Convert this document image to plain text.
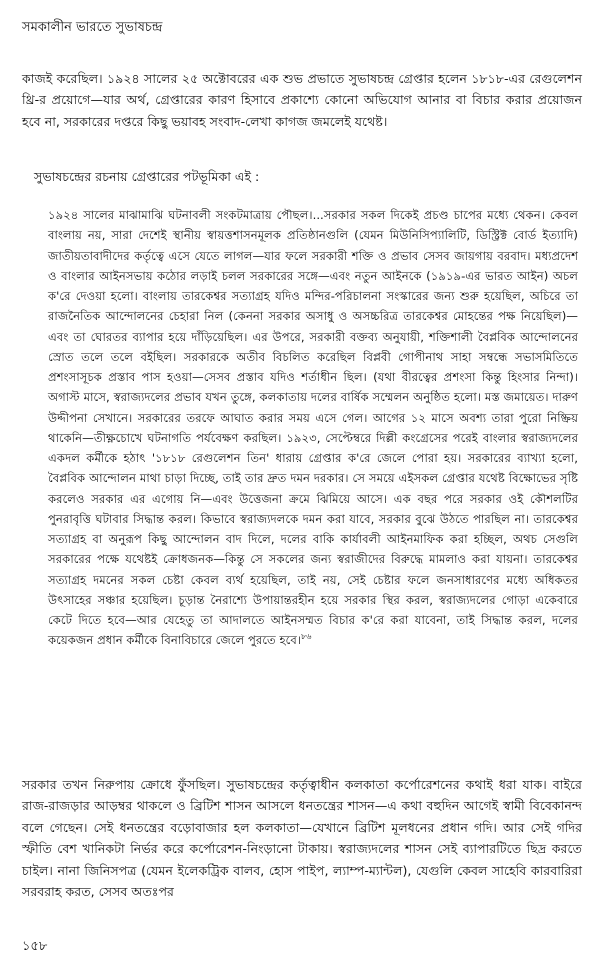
সমকালীন ভারতে সুভাষচন্দ্র

কাজই করেছিল। ১৯২৪ সালের ২৫ অক্টোবরের এক শুভ প্রভাতে সুভাষচন্দ্র গ্রেপ্তার হলেন ১৮১৮-এর রেগুলেশন থ্রি-র প্রয়োগে—যার অর্থ, গ্রেপ্তারের কারণ হিসাবে প্রকাশ্যে কোনো অভিযোগ আনার বা বিচার করার প্রয়োজন হবে না, সরকারের দপ্তরে কিছু ভয়াবহ সংবাদ-লেখা কাগজ জমলেই যথেষ্ট।

সুভাষচন্দ্রের রচনায় গ্রেপ্তারের পটভূমিকা এই :

১৯২৪ সালের মাঝামাঝি ঘটনাবলী সংকটমাত্রায় পৌছল।...সরকার সকল দিকেই প্রচণ্ড চাপের মধ্যে থেকন। কেবল বাংলায় নয়, সারা দেশেই স্থানীয় স্বায়ত্তশাসনমূলক প্রতিষ্ঠানগুলি (যেমন মিউনিসিপ্যালিটি, ডিস্ট্রিক্ট বোর্ড ইত্যাদি) জাতীয়তাবাদীদের কর্তৃত্বে এসে যেতে লাগল—যার ফলে সরকারী শক্তি ও প্রভাব সেসব জায়গায় বরবাদ। মধ্যপ্রদেশ ও বাংলার আইনসভায় কঠোর লড়াই চলল সরকারের সঙ্গে—এবং নতুন আইনকে (১৯১৯-এর ভারত আইন) অচল ক'রে দেওয়া হলো। বাংলায় তারকেশ্বর সত্যাগ্রহ যদিও মন্দির-পরিচালনা সংস্কারের জন্য শুরু হয়েছিল, অচিরে তা রাজনৈতিক আন্দোলনের চেহারা নিল (কেননা সরকার অসাধু ও অসচ্চরিত্র তারকেশ্বর মোহন্তের পক্ষ নিয়েছিল)—এবং তা ঘোরতর ব্যাপার হয়ে দাঁড়িয়েছিল। এর উপরে, সরকারী বক্তব্য অনুযায়ী, শক্তিশালী বৈপ্লবিক আন্দোলনের স্রোত তলে তলে বইছিল। সরকারকে অতীব বিচলিত করেছিল বিপ্লবী গোপীনাথ সাহা সম্বন্ধে সভাসমিতিতে প্রশংসাসূচক প্রস্তাব পাস হওয়া—সেসব প্রস্তাব যদিও শর্তাধীন ছিল। (যথা বীরত্বের প্রশংসা কিন্তু হিংসার নিন্দা)। অগাস্ট মাসে, স্বরাজ্যদলের প্রভাব যখন তুঙ্গে, কলকাতায় দলের বার্ষিক সম্মেলন অনুষ্ঠিত হলো। মস্ত জমায়েত। দারুণ উদ্দীপনা সেখানে। সরকারের তরফে আঘাত করার সময় এসে গেল। আগের ১২ মাসে অবশ্য তারা পুরো নিষ্ক্রিয় থাকেনি—তীক্ষ্ণচোখে ঘটনাগতি পর্যবেক্ষণ করছিল। ১৯২৩, সেপ্টেম্বরে দিল্লী কংগ্রেসের পরেই বাংলার স্বরাজ্যদলের একদল কর্মীকে হঠাৎ '১৮১৮ রেগুলেশন তিন' ধারায় গ্রেপ্তার ক'রে জেলে পোরা হয়। সরকারের ব্যাখ্যা হলো, বৈপ্লবিক আন্দোলন মাথা চাড়া দিচ্ছে, তাই তার দ্রুত দমন দরকার। সে সময়ে এইসকল গ্রেপ্তার যথেষ্ট বিক্ষোভের সৃষ্টি করলেও সরকার এর এগোয় নি—এবং উত্তেজনা ক্রমে ঝিমিয়ে আসে। এক বছর পরে সরকার ওই কৌশলটির পুনরাবৃত্তি ঘটাবার সিদ্ধান্ত করল। কিভাবে স্বরাজ্যদলকে দমন করা যাবে, সরকার বুঝে উঠতে পারছিল না। তারকেশ্বর সত্যাগ্রহ বা অনুরূপ কিছু আন্দোলন বাদ দিলে, দলের বাকি কার্যাবলী আইনমাফিক করা হচ্ছিল, অথচ সেগুলি সরকারের পক্ষে যথেষ্টই ক্রোধজনক—কিন্তু সে সকলের জন্য স্বরাজীদের বিরুদ্ধে মামলাও করা যায়না। তারকেশ্বর সত্যাগ্রহ দমনের সকল চেষ্টা কেবল ব্যর্থ হয়েছিল, তাই নয়, সেই চেষ্টার ফলে জনসাধারণের মধ্যে অধিকতর উৎসাহের সঞ্চার হয়েছিল। চূড়ান্ত নৈরাশ্যে উপায়ান্তরহীন হয়ে সরকার স্থির করল, স্বরাজ্যদলের গোড়া একেবারে কেটে দিতে হবে—আর যেহেতু তা আদালতে আইনসম্মত বিচার ক'রে করা যাবেনা, তাই সিদ্ধান্ত করল, দলের কয়েকজন প্রধান কর্মীকে বিনাবিচারে জেলে পুরতে হবে।$^{৮৬}$

সরকার তখন নিরুপায় ক্রোধে ফুঁসছিল। সুভাষচন্দ্রের কর্তৃত্বাধীন কলকাতা কর্পোরেশনের কথাই ধরা যাক। বাইরে রাজ-রাজড়ার আড়ম্বর থাকলে ও ব্রিটিশ শাসন আসলে ধনতন্ত্রের শাসন—এ কথা বহুদিন আগেই স্বামী বিবেকানন্দ বলে গেছেন। সেই ধনতন্ত্রের বড়োবাজার হল কলকাতা—যেখানে ব্রিটিশ মূলধনের প্রধান গদি। আর সেই গদির স্ফীতি বেশ খানিকটা নির্ভর করে কর্পোরেশন-নিংড়ানো টাকায়। স্বরাজ্যদলের শাসন সেই ব্যাপারটিতে ছিদ্র করতে চাইল। নানা জিনিসপত্র (যেমন ইলেকট্রিক বালব, হোস পাইপ, ল্যাম্প-ম্যান্টল), যেগুলি কেবল সাহেবি কারবারিরা সরবরাহ করত, সেসব অতঃপর

১৫৮
